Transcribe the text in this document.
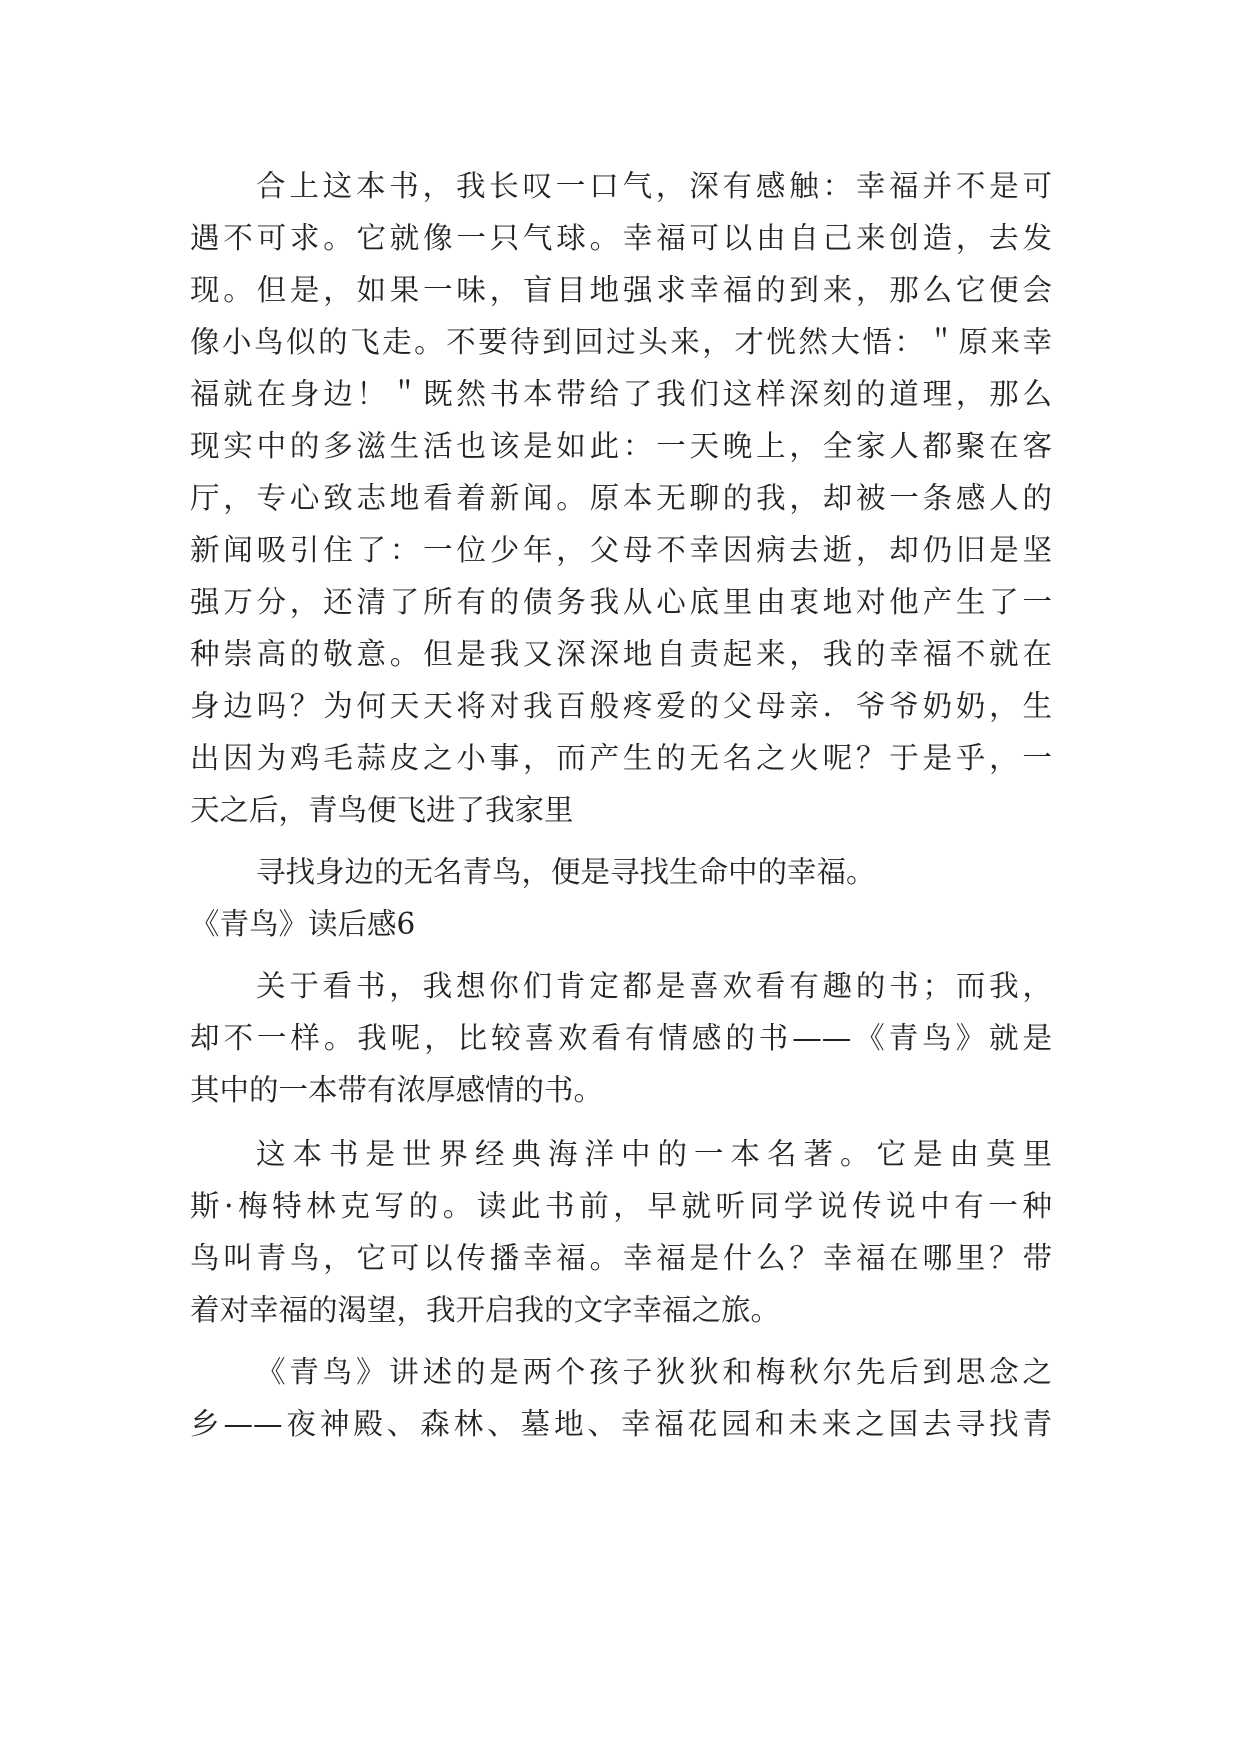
合上这本书，我长叹一口气，深有感触：幸福并不是可
遇不可求。它就像一只气球。幸福可以由自己来创造，去发
现。但是，如果一味，盲目地强求幸福的到来，那么它便会
像小鸟似的飞走。不要待到回过头来，才恍然大悟：＂原来幸
福就在身边！＂既然书本带给了我们这样深刻的道理，那么
现实中的多滋生活也该是如此：一天晚上，全家人都聚在客
厅，专心致志地看着新闻。原本无聊的我，却被一条感人的
新闻吸引住了：一位少年，父母不幸因病去逝，却仍旧是坚
强万分，还清了所有的债务我从心底里由衷地对他产生了一
种崇高的敬意。但是我又深深地自责起来，我的幸福不就在
身边吗？为何天天将对我百般疼爱的父母亲．爷爷奶奶，生
出因为鸡毛蒜皮之小事，而产生的无名之火呢？于是乎，一
天之后，青鸟便飞进了我家里
寻找身边的无名青鸟，便是寻找生命中的幸福。
《青鸟》读后感6
关于看书，我想你们肯定都是喜欢看有趣的书；而我，
却不一样。我呢，比较喜欢看有情感的书——《青鸟》就是
其中的一本带有浓厚感情的书。
这本书是世界经典海洋中的一本名著。它是由莫里
斯·梅特林克写的。读此书前，早就听同学说传说中有一种
鸟叫青鸟，它可以传播幸福。幸福是什么？幸福在哪里？带
着对幸福的渴望，我开启我的文字幸福之旅。
《青鸟》讲述的是两个孩子狄狄和梅秋尔先后到思念之
乡——夜神殿、森林、墓地、幸福花园和未来之国去寻找青
